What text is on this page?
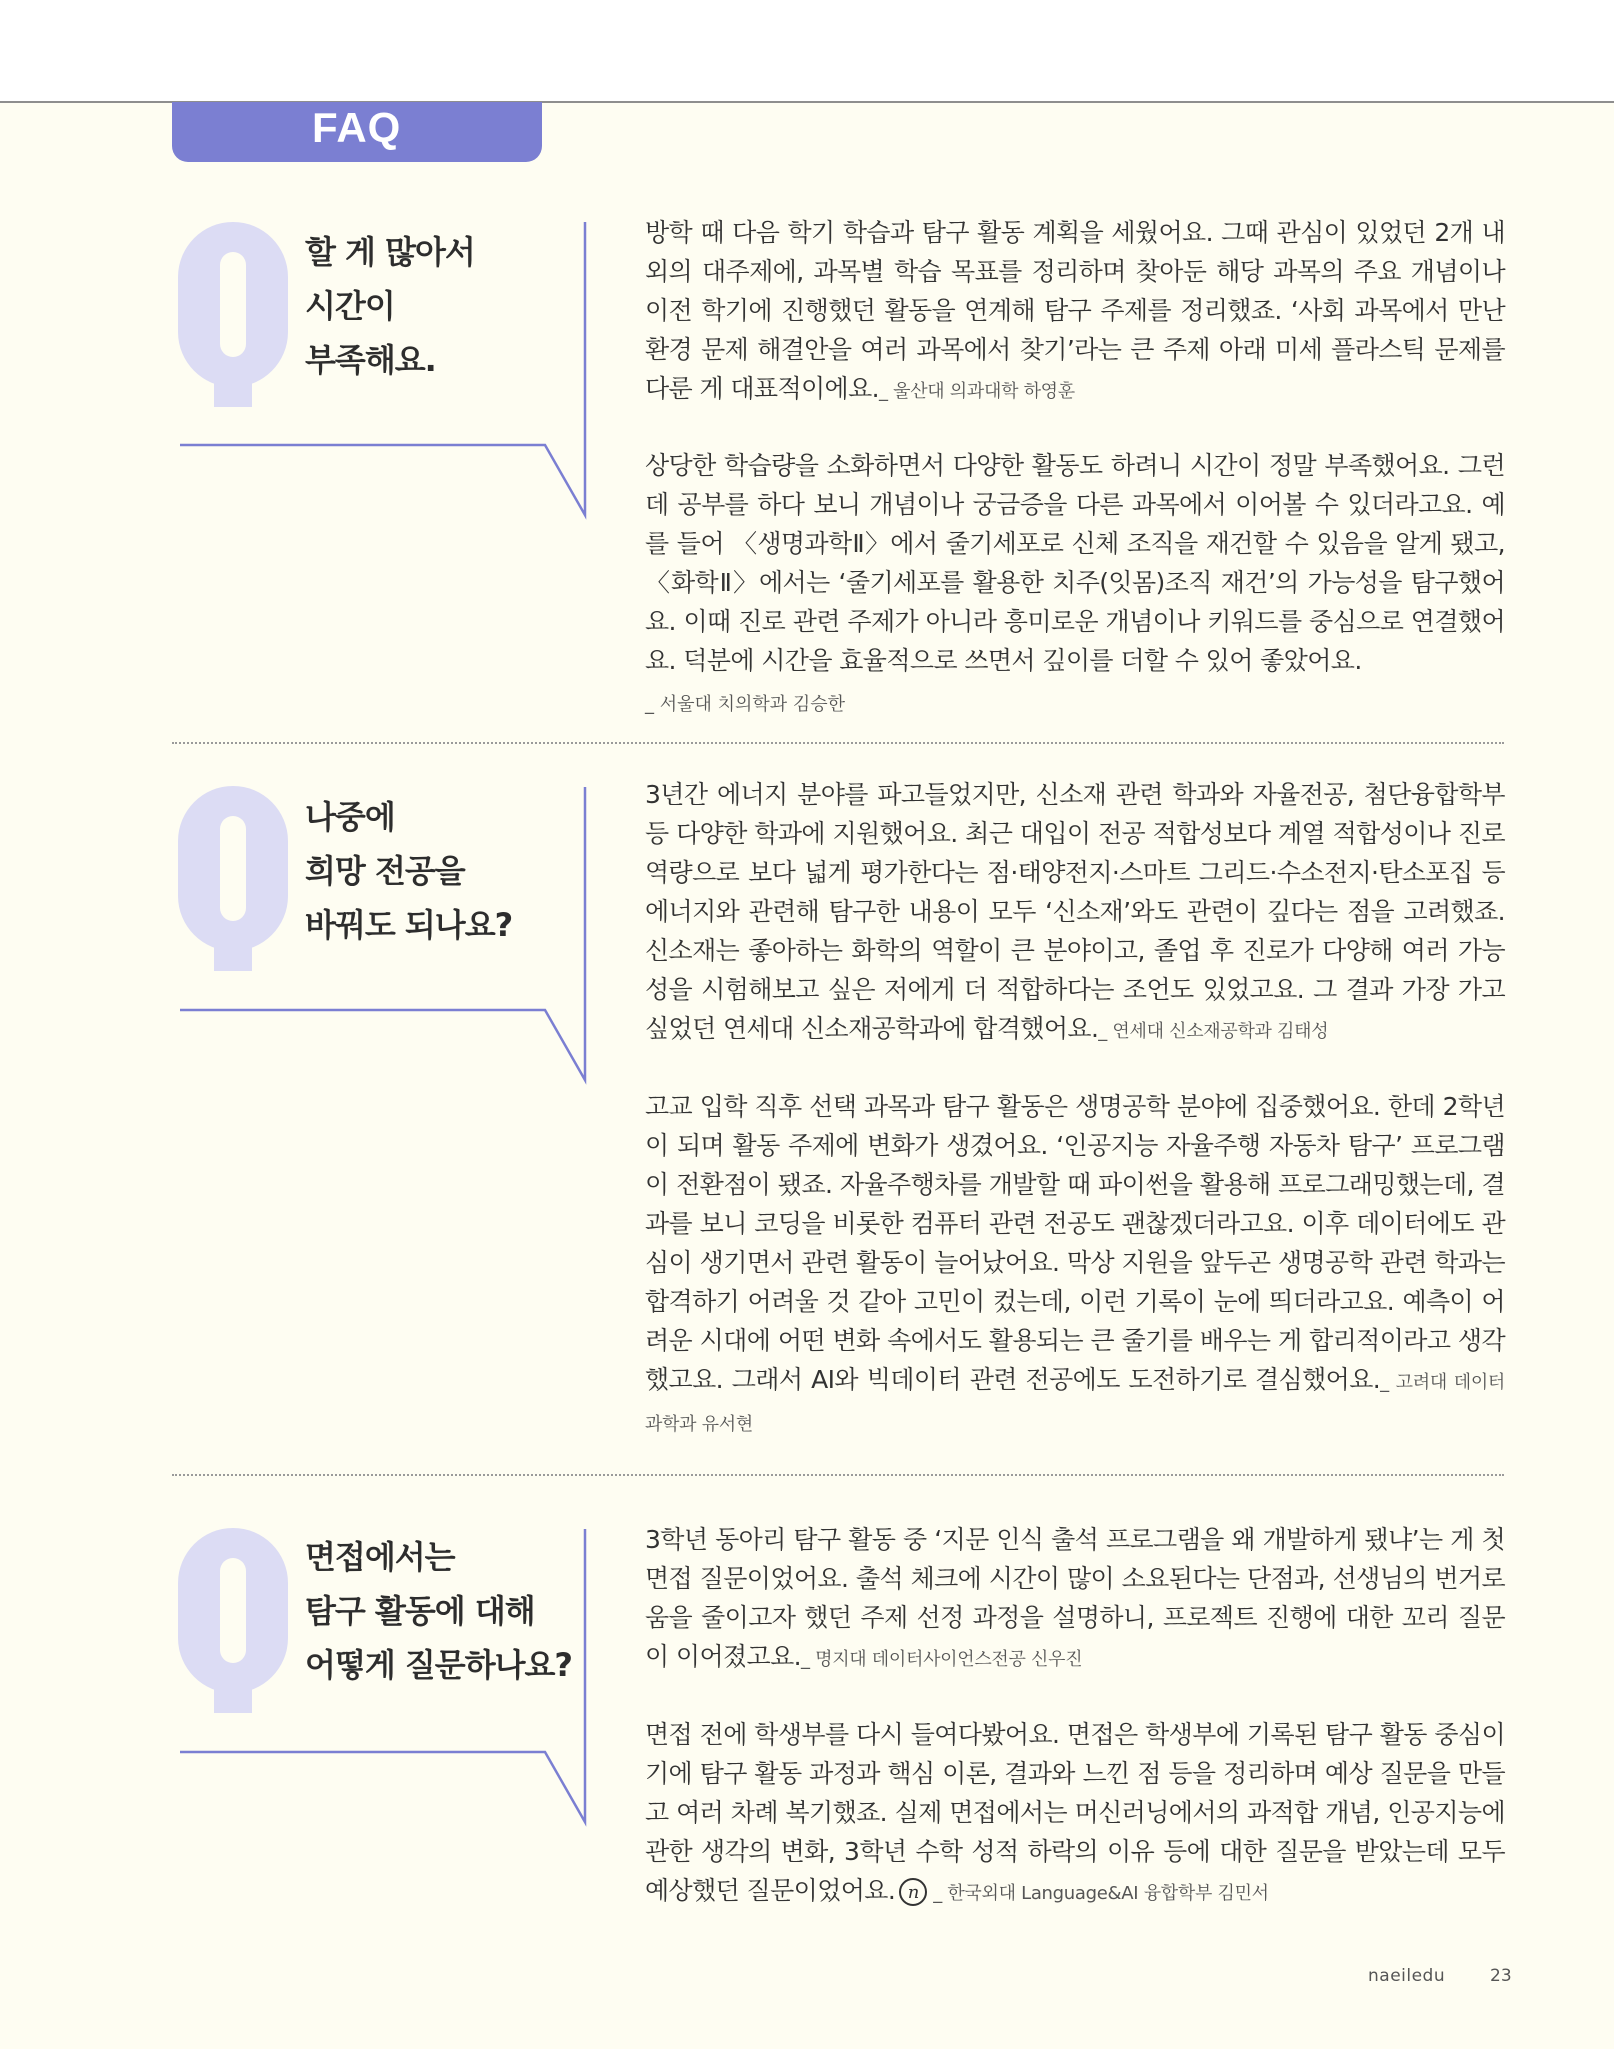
FAQ
할 게 많아서
시간이
부족해요.

방학 때 다음 학기 학습과 탐구 활동 계획을 세웠어요. 그때 관심이 있었던 2개 내외의 대주제에, 과목별 학습 목표를 정리하며 찾아둔 해당 과목의 주요 개념이나 이전 학기에 진행했던 활동을 연계해 탐구 주제를 정리했죠. ‘사회 과목에서 만난 환경 문제 해결안을 여러 과목에서 찾기’라는 큰 주제 아래 미세 플라스틱 문제를 다룬 게 대표적이에요._ 울산대 의과대학 하영훈

상당한 학습량을 소화하면서 다양한 활동도 하려니 시간이 정말 부족했어요. 그런데 공부를 하다 보니 개념이나 궁금증을 다른 과목에서 이어볼 수 있더라고요. 예를 들어 〈생명과학Ⅱ〉에서 줄기세포로 신체 조직을 재건할 수 있음을 알게 됐고, 〈화학Ⅱ〉에서는 ‘줄기세포를 활용한 치주(잇몸)조직 재건’의 가능성을 탐구했어요. 이때 진로 관련 주제가 아니라 흥미로운 개념이나 키워드를 중심으로 연결했어요. 덕분에 시간을 효율적으로 쓰면서 깊이를 더할 수 있어 좋았어요.

_ 서울대 치의학과 김승한
나중에
희망 전공을
바꿔도 되나요?

3년간 에너지 분야를 파고들었지만, 신소재 관련 학과와 자율전공, 첨단융합학부 등 다양한 학과에 지원했어요. 최근 대입이 전공 적합성보다 계열 적합성이나 진로 역량으로 보다 넓게 평가한다는 점·태양전지·스마트 그리드·수소전지·탄소포집 등 에너지와 관련해 탐구한 내용이 모두 ‘신소재’와도 관련이 깊다는 점을 고려했죠. 신소재는 좋아하는 화학의 역할이 큰 분야이고, 졸업 후 진로가 다양해 여러 가능성을 시험해보고 싶은 저에게 더 적합하다는 조언도 있었고요. 그 결과 가장 가고 싶었던 연세대 신소재공학과에 합격했어요._ 연세대 신소재공학과 김태성

고교 입학 직후 선택 과목과 탐구 활동은 생명공학 분야에 집중했어요. 한데 2학년이 되며 활동 주제에 변화가 생겼어요. ‘인공지능 자율주행 자동차 탐구’ 프로그램이 전환점이 됐죠. 자율주행차를 개발할 때 파이썬을 활용해 프로그래밍했는데, 결과를 보니 코딩을 비롯한 컴퓨터 관련 전공도 괜찮겠더라고요. 이후 데이터에도 관심이 생기면서 관련 활동이 늘어났어요. 막상 지원을 앞두곤 생명공학 관련 학과는 합격하기 어려울 것 같아 고민이 컸는데, 이런 기록이 눈에 띄더라고요. 예측이 어려운 시대에 어떤 변화 속에서도 활용되는 큰 줄기를 배우는 게 합리적이라고 생각했고요. 그래서 AI와 빅데이터 관련 전공에도 도전하기로 결심했어요._ 고려대 데이터과학과 유서현

면접에서는
탐구 활동에 대해
어떻게 질문하나요?

3학년 동아리 탐구 활동 중 ‘지문 인식 출석 프로그램을 왜 개발하게 됐냐’는 게 첫 면접 질문이었어요. 출석 체크에 시간이 많이 소요된다는 단점과, 선생님의 번거로움을 줄이고자 했던 주제 선정 과정을 설명하니, 프로젝트 진행에 대한 꼬리 질문이 이어졌고요._ 명지대 데이터사이언스전공 신우진

면접 전에 학생부를 다시 들여다봤어요. 면접은 학생부에 기록된 탐구 활동 중심이기에 탐구 활동 과정과 핵심 이론, 결과와 느낀 점 등을 정리하며 예상 질문을 만들고 여러 차례 복기했죠. 실제 면접에서는 머신러닝에서의 과적합 개념, 인공지능에 관한 생각의 변화, 3학년 수학 성적 하락의 이유 등에 대한 질문을 받았는데 모두 예상했던 질문이었어요. n _ 한국외대 Language&AI 융합학부 김민서

naeiledu	23
